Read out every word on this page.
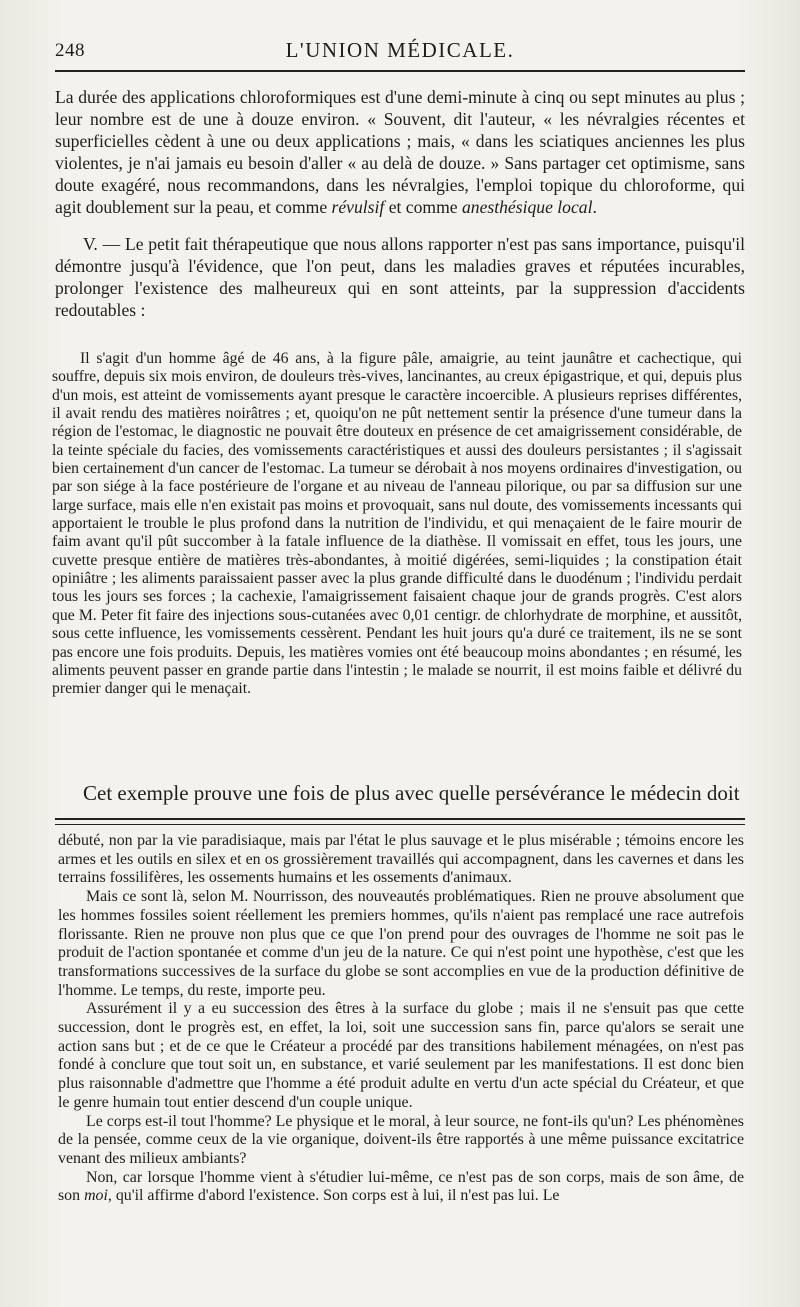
248	L'UNION MÉDICALE.

La durée des applications chloroformiques est d'une demi-minute à cinq ou sept minutes au plus ; leur nombre est de une à douze environ. « Souvent, dit l'auteur, « les névralgies récentes et superficielles cèdent à une ou deux applications ; mais, « dans les sciatiques anciennes les plus violentes, je n'ai jamais eu besoin d'aller « au delà de douze. » Sans partager cet optimisme, sans doute exagéré, nous recommandons, dans les névralgies, l'emploi topique du chloroforme, qui agit doublement sur la peau, et comme révulsif et comme anesthésique local.

V. — Le petit fait thérapeutique que nous allons rapporter n'est pas sans importance, puisqu'il démontre jusqu'à l'évidence, que l'on peut, dans les maladies graves et réputées incurables, prolonger l'existence des malheureux qui en sont atteints, par la suppression d'accidents redoutables :

Il s'agit d'un homme âgé de 46 ans, à la figure pâle, amaigrie, au teint jaunâtre et cachectique, qui souffre, depuis six mois environ, de douleurs très-vives, lancinantes, au creux épigastrique, et qui, depuis plus d'un mois, est atteint de vomissements ayant presque le caractère incoercible. A plusieurs reprises différentes, il avait rendu des matières noirâtres ; et, quoiqu'on ne pût nettement sentir la présence d'une tumeur dans la région de l'estomac, le diagnostic ne pouvait être douteux en présence de cet amaigrissement considérable, de la teinte spéciale du facies, des vomissements caractéristiques et aussi des douleurs persistantes ; il s'agissait bien certainement d'un cancer de l'estomac. La tumeur se dérobait à nos moyens ordinaires d'investigation, ou par son siége à la face postérieure de l'organe et au niveau de l'anneau pilorique, ou par sa diffusion sur une large surface, mais elle n'en existait pas moins et provoquait, sans nul doute, des vomissements incessants qui apportaient le trouble le plus profond dans la nutrition de l'individu, et qui menaçaient de le faire mourir de faim avant qu'il pût succomber à la fatale influence de la diathèse. Il vomissait en effet, tous les jours, une cuvette presque entière de matières très-abondantes, à moitié digérées, semi-liquides ; la constipation était opiniâtre ; les aliments paraissaient passer avec la plus grande difficulté dans le duodénum ; l'individu perdait tous les jours ses forces ; la cachexie, l'amaigrissement faisaient chaque jour de grands progrès. C'est alors que M. Peter fit faire des injections sous-cutanées avec 0,01 centigr. de chlorhydrate de morphine, et aussitôt, sous cette influence, les vomissements cessèrent. Pendant les huit jours qu'a duré ce traitement, ils ne se sont pas encore une fois produits. Depuis, les matières vomies ont été beaucoup moins abondantes ; en résumé, les aliments peuvent passer en grande partie dans l'intestin ; le malade se nourrit, il est moins faible et délivré du premier danger qui le menaçait.

Cet exemple prouve une fois de plus avec quelle persévérance le médecin doit

débuté, non par la vie paradisiaque, mais par l'état le plus sauvage et le plus misérable ; témoins encore les armes et les outils en silex et en os grossièrement travaillés qui accompagnent, dans les cavernes et dans les terrains fossilifères, les ossements humains et les ossements d'animaux.

Mais ce sont là, selon M. Nourrisson, des nouveautés problématiques. Rien ne prouve absolument que les hommes fossiles soient réellement les premiers hommes, qu'ils n'aient pas remplacé une race autrefois florissante. Rien ne prouve non plus que ce que l'on prend pour des ouvrages de l'homme ne soit pas le produit de l'action spontanée et comme d'un jeu de la nature. Ce qui n'est point une hypothèse, c'est que les transformations successives de la surface du globe se sont accomplies en vue de la production définitive de l'homme. Le temps, du reste, importe peu.

Assurément il y a eu succession des êtres à la surface du globe ; mais il ne s'ensuit pas que cette succession, dont le progrès est, en effet, la loi, soit une succession sans fin, parce qu'alors se serait une action sans but ; et de ce que le Créateur a procédé par des transitions habilement ménagées, on n'est pas fondé à conclure que tout soit un, en substance, et varié seulement par les manifestations. Il est donc bien plus raisonnable d'admettre que l'homme a été produit adulte en vertu d'un acte spécial du Créateur, et que le genre humain tout entier descend d'un couple unique.

Le corps est-il tout l'homme? Le physique et le moral, à leur source, ne font-ils qu'un? Les phénomènes de la pensée, comme ceux de la vie organique, doivent-ils être rapportés à une même puissance excitatrice venant des milieux ambiants?

Non, car lorsque l'homme vient à s'étudier lui-même, ce n'est pas de son corps, mais de son âme, de son moi, qu'il affirme d'abord l'existence. Son corps est à lui, il n'est pas lui. Le
